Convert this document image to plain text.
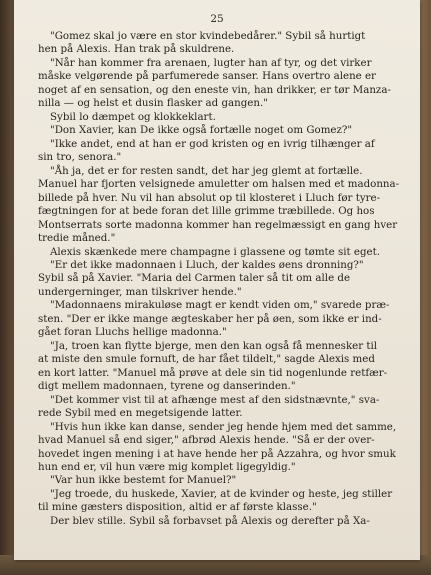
25
"Gomez skal jo være en stor kvindebedårer." Sybil så hurtigt
hen på Alexis. Han trak på skuldrene.
"Når han kommer fra arenaen, lugter han af tyr, og det virker
måske velgørende på parfumerede sanser. Hans overtro alene er
noget af en sensation, og den eneste vin, han drikker, er tør Manza-
nilla — og helst et dusin flasker ad gangen."
Sybil lo dæmpet og klokkeklart.
"Don Xavier, kan De ikke også fortælle noget om Gomez?"
"Ikke andet, end at han er god kristen og en ivrig tilhænger af
sin tro, senora."
"Åh ja, det er for resten sandt, det har jeg glemt at fortælle.
Manuel har fjorten velsignede amuletter om halsen med et madonna-
billede på hver. Nu vil han absolut op til klosteret i Lluch før tyre-
fægtningen for at bede foran det lille grimme træbillede. Og hos
Montserrats sorte madonna kommer han regelmæssigt en gang hver
tredie måned."
Alexis skænkede mere champagne i glassene og tømte sit eget.
"Er det ikke madonnaen i Lluch, der kaldes øens dronning?"
Sybil så på Xavier. "Maria del Carmen taler så tit om alle de
undergerninger, man tilskriver hende."
"Madonnaens mirakuløse magt er kendt viden om," svarede præ-
sten. "Der er ikke mange ægteskaber her på øen, som ikke er ind-
gået foran Lluchs hellige madonna."
"Ja, troen kan flytte bjerge, men den kan også få mennesker til
at miste den smule fornuft, de har fået tildelt," sagde Alexis med
en kort latter. "Manuel må prøve at dele sin tid nogenlunde retfær-
digt mellem madonnaen, tyrene og danserinden."
"Det kommer vist til at afhænge mest af den sidstnævnte," sva-
rede Sybil med en megetsigende latter.
"Hvis hun ikke kan danse, sender jeg hende hjem med det samme,
hvad Manuel så end siger," afbrød Alexis hende. "Så er der over-
hovedet ingen mening i at have hende her på Azzahra, og hvor smuk
hun end er, vil hun være mig komplet ligegyldig."
"Var hun ikke bestemt for Manuel?"
"Jeg troede, du huskede, Xavier, at de kvinder og heste, jeg stiller
til mine gæsters disposition, altid er af første klasse."
Der blev stille. Sybil så forbavset på Alexis og derefter på Xa-
